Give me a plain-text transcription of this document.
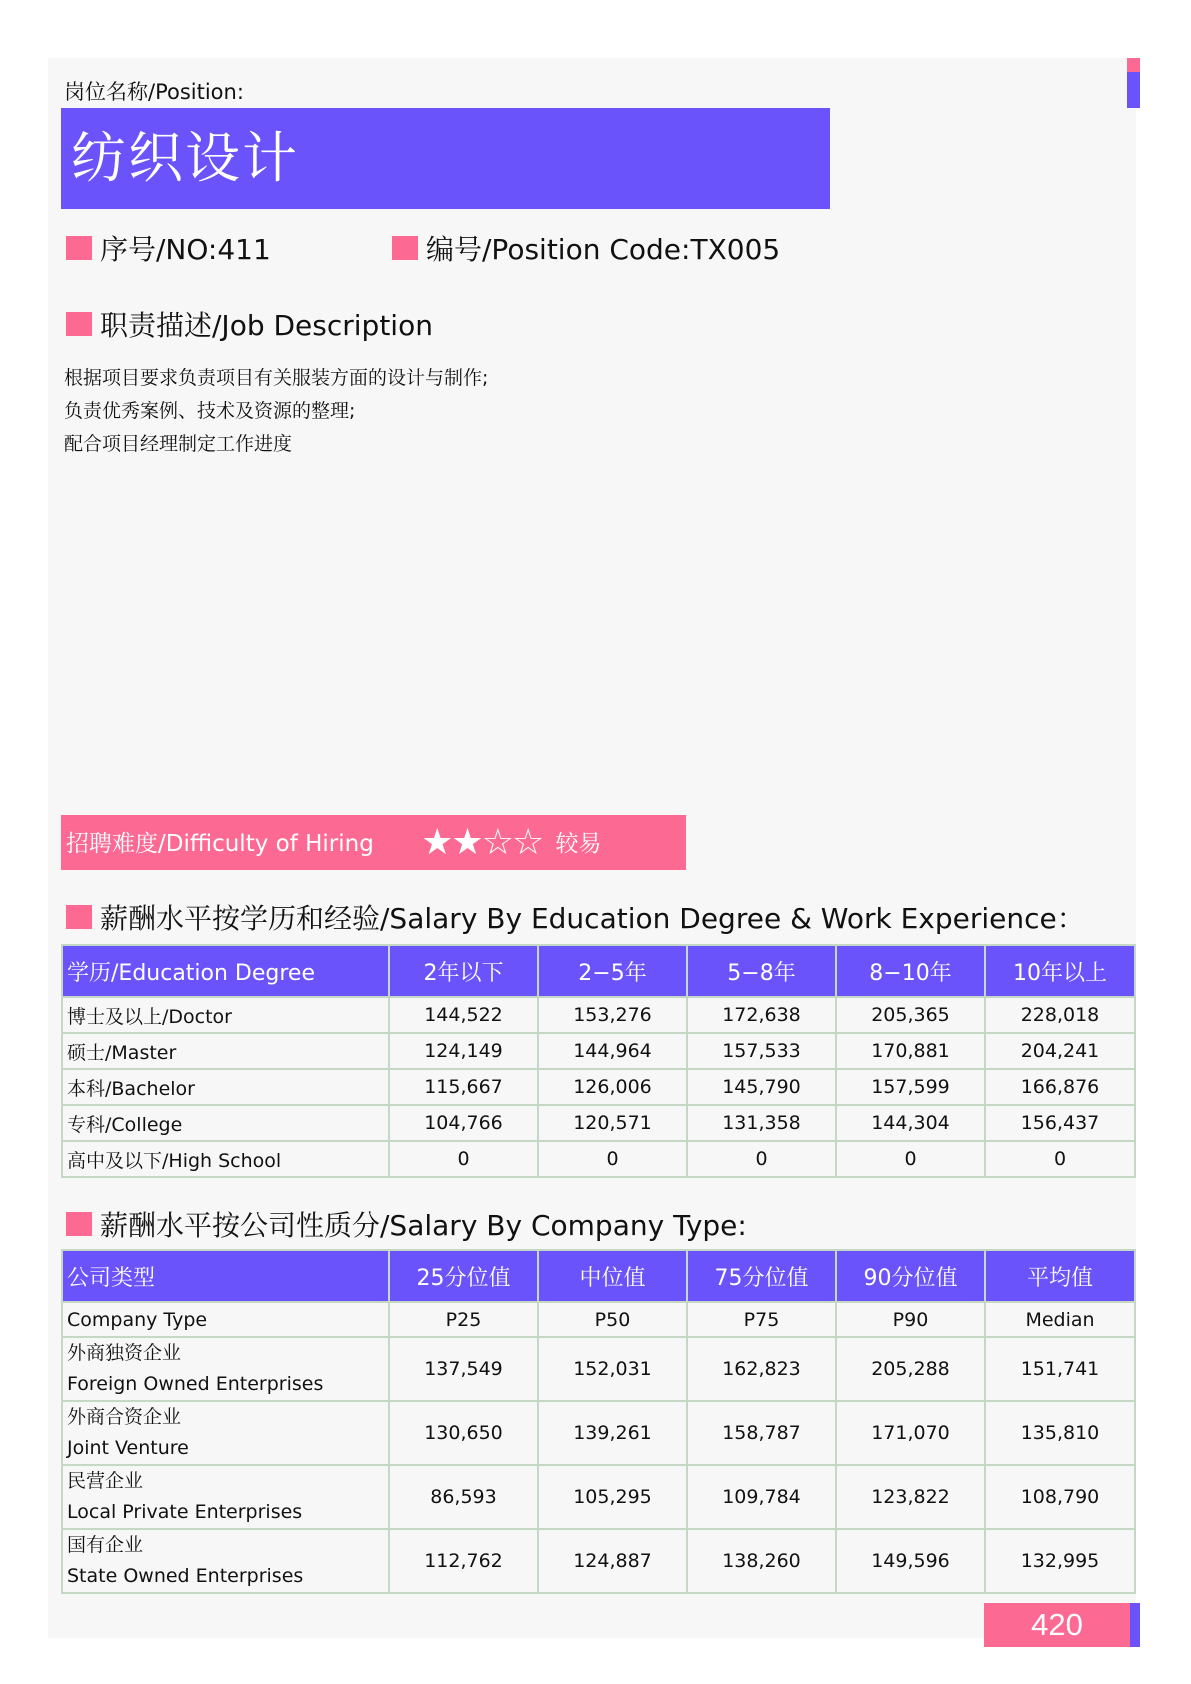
岗位名称/Position:
纺织设计
序号/NO:411	编号/Position Code:TX005
职责描述/Job Description
根据项目要求负责项目有关服装方面的设计与制作;
负责优秀案例、技术及资源的整理;
配合项目经理制定工作进度
招聘难度/Difficulty of Hiring ★★☆☆ 较易
薪酬水平按学历和经验/Salary By Education Degree & Work Experience：
学历/Education Degree	2年以下	2−5年	5−8年	8−10年	10年以上
博士及以上/Doctor	144,522	153,276	172,638	205,365	228,018
硕士/Master	124,149	144,964	157,533	170,881	204,241
本科/Bachelor	115,667	126,006	145,790	157,599	166,876
专科/College	104,766	120,571	131,358	144,304	156,437
高中及以下/High School	0	0	0	0	0
薪酬水平按公司性质分/Salary By Company Type:
公司类型	25分位值	中位值	75分位值	90分位值	平均值
Company Type	P25	P50	P75	P90	Median

外商独资企业
Foreign Owned Enterprises	137,549	152,031	162,823	205,288	151,741

外商合资企业
Joint Venture	130,650	139,261	158,787	171,070	135,810

民营企业
Local Private Enterprises	86,593	105,295	109,784	123,822	108,790

国有企业
State Owned Enterprises	112,762	124,887	138,260	149,596	132,995
420
